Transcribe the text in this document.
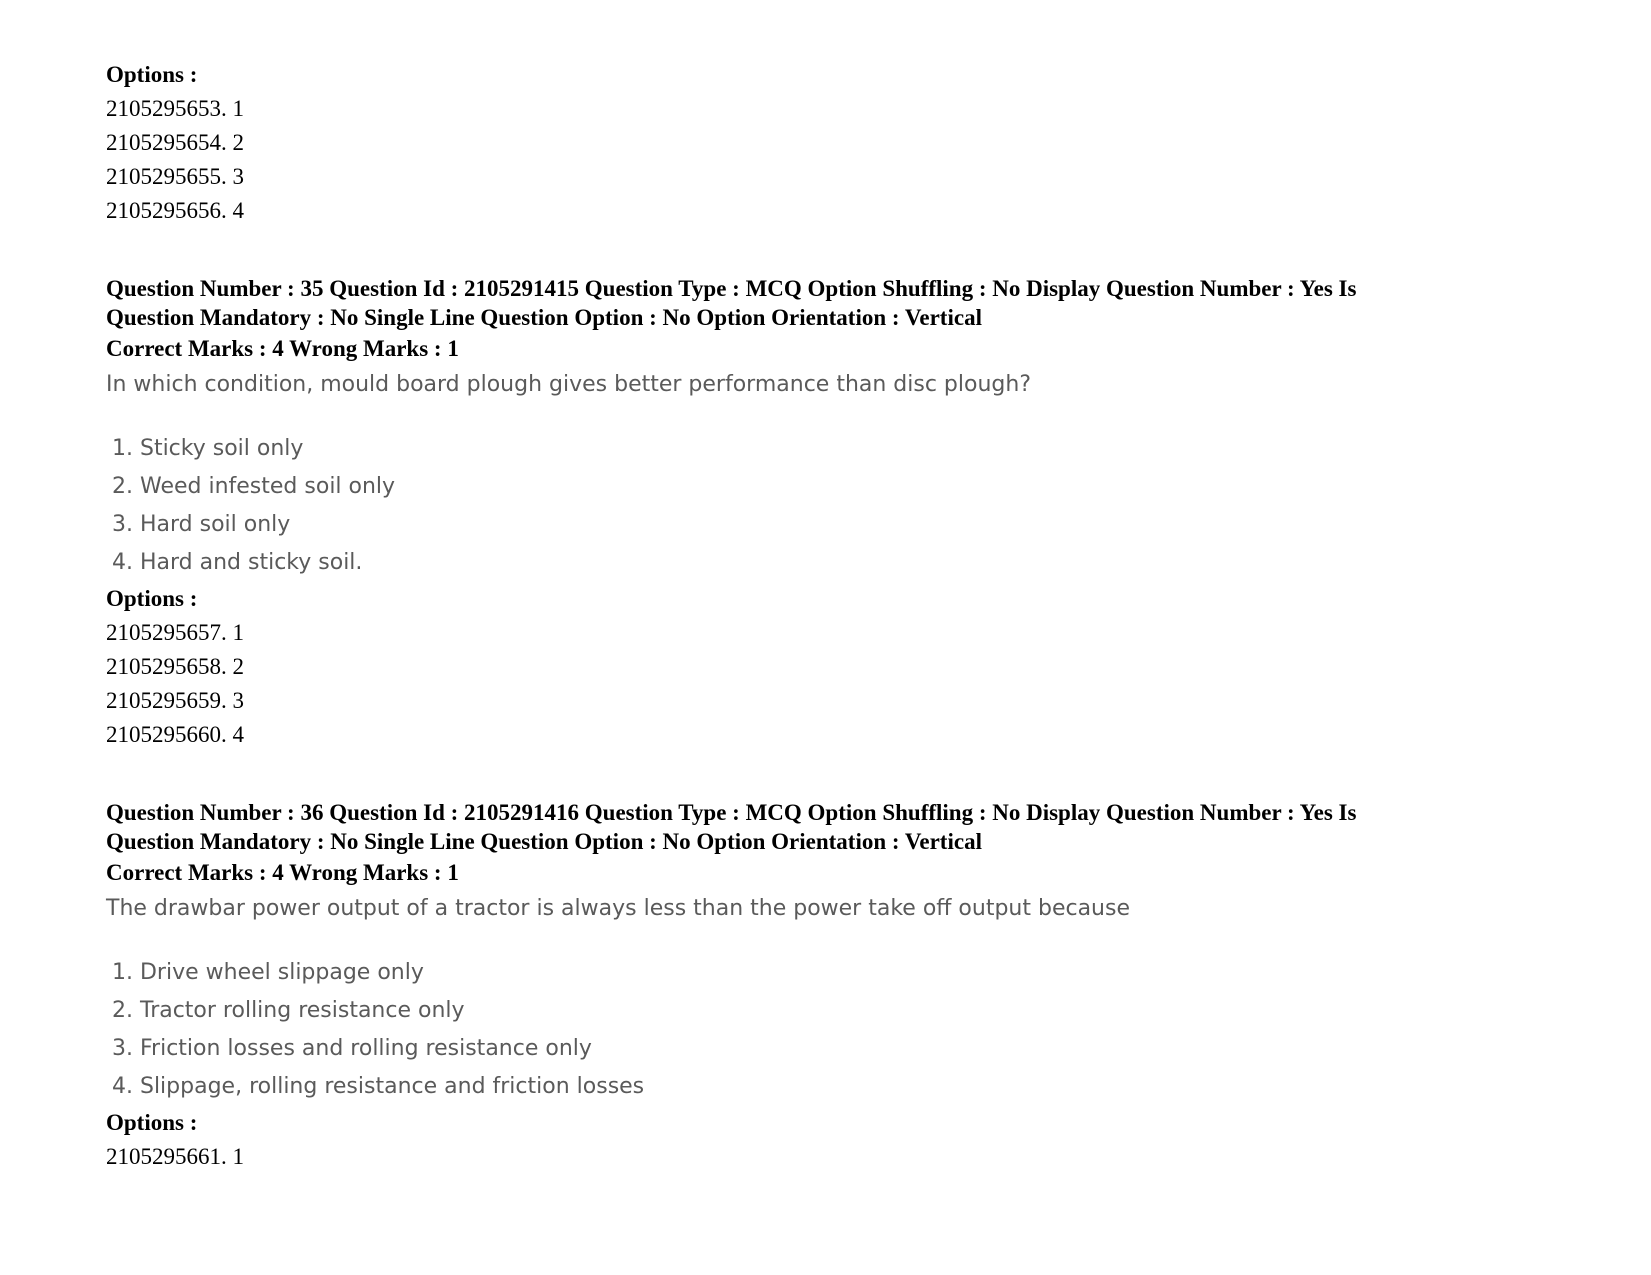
Options :

2105295653. 1

2105295654. 2

2105295655. 3

2105295656. 4

Question Number : 35 Question Id : 2105291415 Question Type : MCQ Option Shuffling : No Display Question Number : Yes Is

Question Mandatory : No Single Line Question Option : No Option Orientation : Vertical

Correct Marks : 4 Wrong Marks : 1

In which condition, mould board plough gives better performance than disc plough?

1. Sticky soil only

2. Weed infested soil only

3. Hard soil only

4. Hard and sticky soil.

Options :

2105295657. 1

2105295658. 2

2105295659. 3

2105295660. 4

Question Number : 36 Question Id : 2105291416 Question Type : MCQ Option Shuffling : No Display Question Number : Yes Is

Question Mandatory : No Single Line Question Option : No Option Orientation : Vertical

Correct Marks : 4 Wrong Marks : 1

The drawbar power output of a tractor is always less than the power take off output because

1. Drive wheel slippage only

2. Tractor rolling resistance only

3. Friction losses and rolling resistance only

4. Slippage, rolling resistance and friction losses

Options :

2105295661. 1
